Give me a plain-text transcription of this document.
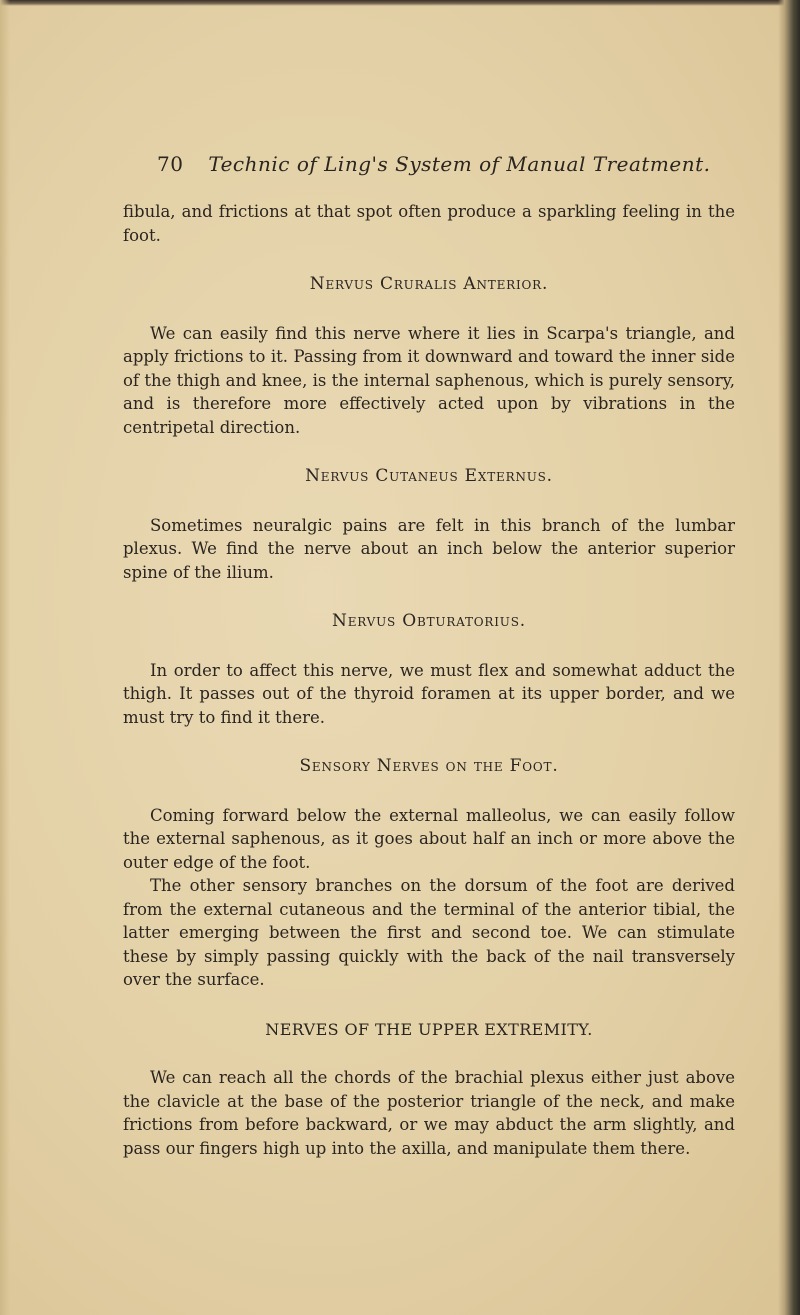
70 Technic of Ling's System of Manual Treatment.

fibula, and frictions at that spot often produce a sparkling feeling in the foot.

Nervus Cruralis Anterior.

We can easily find this nerve where it lies in Scarpa's triangle, and apply frictions to it. Passing from it downward and toward the inner side of the thigh and knee, is the internal saphenous, which is purely sensory, and is therefore more effectively acted upon by vibrations in the centripetal direction.

Nervus Cutaneus Externus.

Sometimes neuralgic pains are felt in this branch of the lumbar plexus. We find the nerve about an inch below the anterior superior spine of the ilium.

Nervus Obturatorius.

In order to affect this nerve, we must flex and somewhat adduct the thigh. It passes out of the thyroid foramen at its upper border, and we must try to find it there.

Sensory Nerves on the Foot.

Coming forward below the external malleolus, we can easily follow the external saphenous, as it goes about half an inch or more above the outer edge of the foot.

The other sensory branches on the dorsum of the foot are derived from the external cutaneous and the terminal of the anterior tibial, the latter emerging between the first and second toe. We can stimulate these by simply passing quickly with the back of the nail transversely over the surface.

NERVES OF THE UPPER EXTREMITY.

We can reach all the chords of the brachial plexus either just above the clavicle at the base of the posterior triangle of the neck, and make frictions from before backward, or we may abduct the arm slightly, and pass our fingers high up into the axilla, and manipulate them there.
